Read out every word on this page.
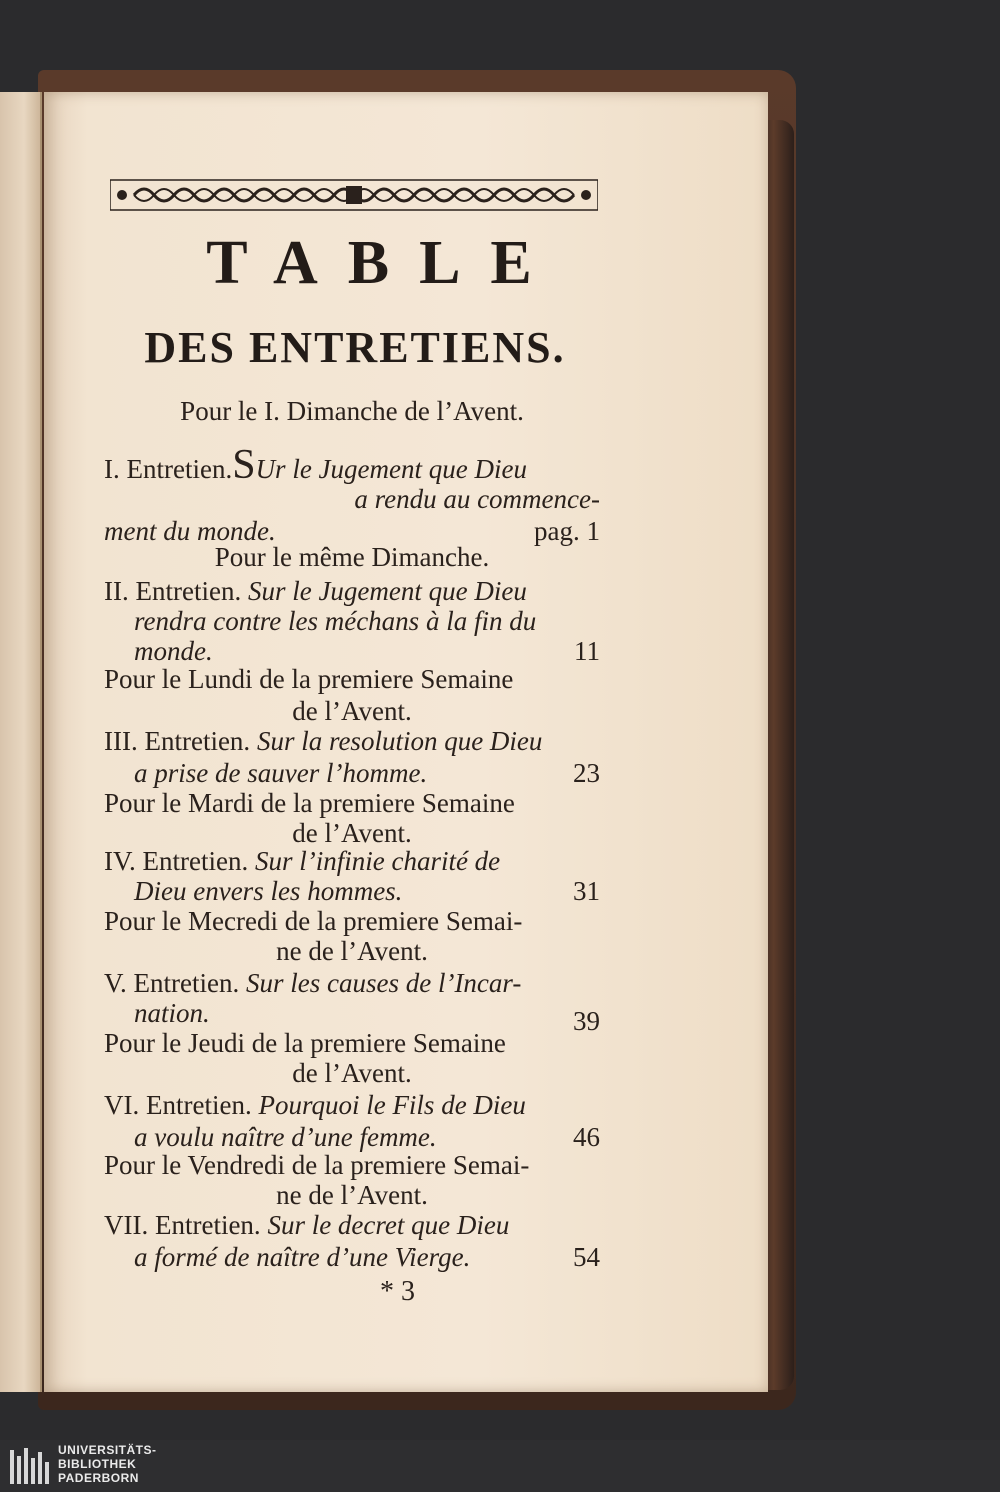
TABLE
DES ENTRETIENS.
Pour le I. Dimanche de l’Avent.
I. Entretien.SUr le Jugement que Dieu
a rendu au commence-
ment du monde.	pag. 1
Pour le même Dimanche.
II. Entretien. Sur le Jugement que Dieu
rendra contre les méchans à la fin du
monde.	11
Pour le Lundi de la premiere Semaine
de l’Avent.
III. Entretien. Sur la resolution que Dieu
a prise de sauver l’homme.	23
Pour le Mardi de la premiere Semaine
de l’Avent.
IV. Entretien. Sur l’infinie charité de
Dieu envers les hommes.	31
Pour le Mecredi de la premiere Semai-
ne de l’Avent.
V. Entretien. Sur les causes de l’Incar-
nation.	39
Pour le Jeudi de la premiere Semaine
de l’Avent.
VI. Entretien. Pourquoi le Fils de Dieu
a voulu naître d’une femme.	46
Pour le Vendredi de la premiere Semai-
ne de l’Avent.
VII. Entretien. Sur le decret que Dieu
a formé de naître d’une Vierge.	54
* 3
UNIVERSITÄTS-
BIBLIOTHEK
PADERBORN
